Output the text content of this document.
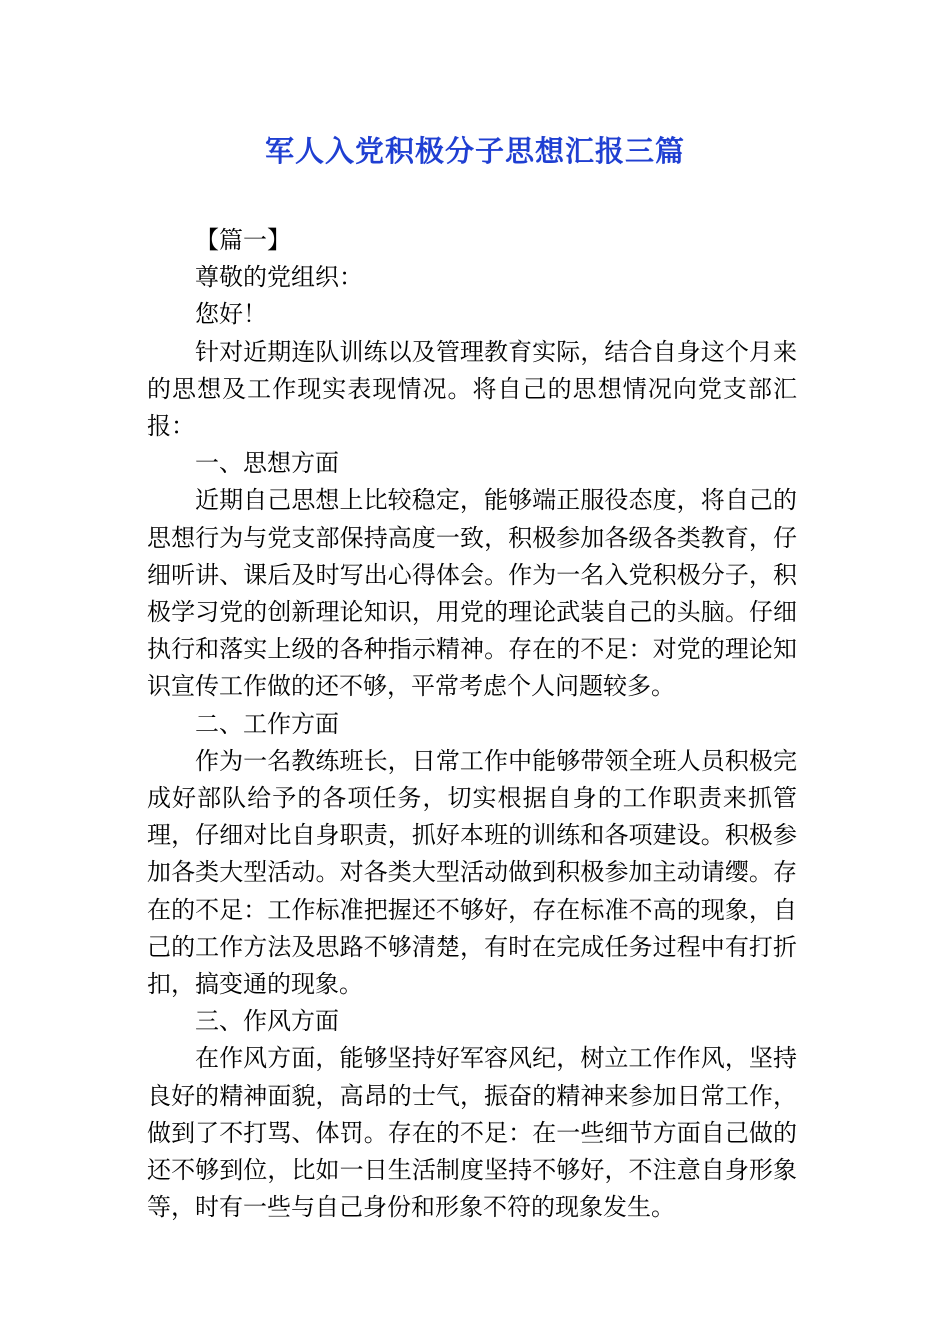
军人入党积极分子思想汇报三篇

【篇一】

尊敬的党组织：

您好！

针对近期连队训练以及管理教育实际，结合自身这个月来的思想及工作现实表现情况。将自己的思想情况向党支部汇报：

一、思想方面

近期自己思想上比较稳定，能够端正服役态度，将自己的思想行为与党支部保持高度一致，积极参加各级各类教育，仔细听讲、课后及时写出心得体会。作为一名入党积极分子，积极学习党的创新理论知识，用党的理论武装自己的头脑。仔细执行和落实上级的各种指示精神。存在的不足：对党的理论知识宣传工作做的还不够，平常考虑个人问题较多。

二、工作方面

作为一名教练班长，日常工作中能够带领全班人员积极完成好部队给予的各项任务，切实根据自身的工作职责来抓管理，仔细对比自身职责，抓好本班的训练和各项建设。积极参加各类大型活动。对各类大型活动做到积极参加主动请缨。存在的不足：工作标准把握还不够好，存在标准不高的现象，自己的工作方法及思路不够清楚，有时在完成任务过程中有打折扣，搞变通的现象。

三、作风方面

在作风方面，能够坚持好军容风纪，树立工作作风，坚持良好的精神面貌，高昂的士气，振奋的精神来参加日常工作，做到了不打骂、体罚。存在的不足：在一些细节方面自己做的还不够到位，比如一日生活制度坚持不够好，不注意自身形象等，时有一些与自己身份和形象不符的现象发生。
